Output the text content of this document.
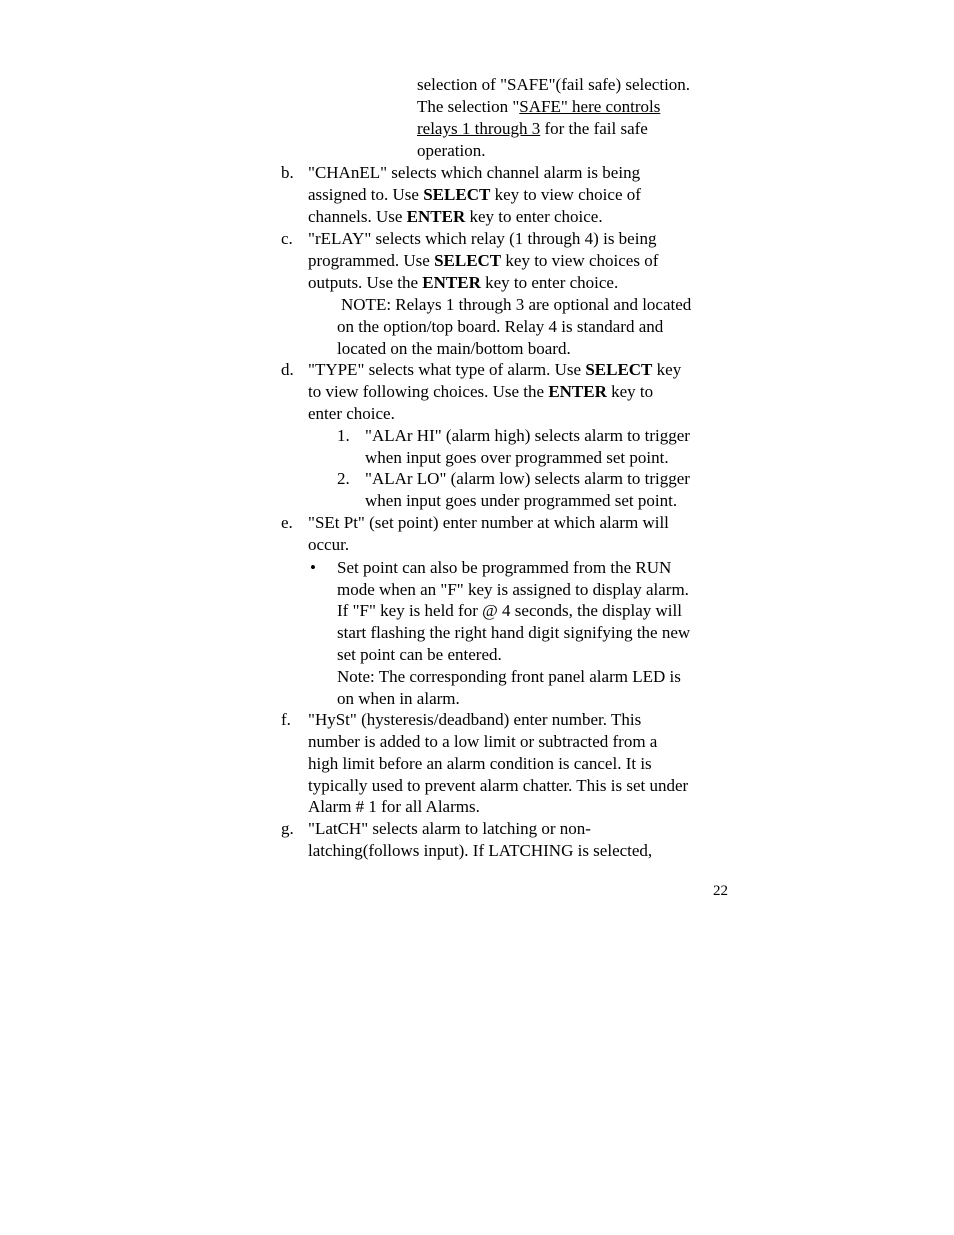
selection of "SAFE"(fail safe) selection.
The selection "SAFE" here controls
relays 1 through 3 for the fail safe
operation.
b. "CHAnEL" selects which channel alarm is being
assigned to. Use SELECT key to view choice of
channels. Use ENTER key to enter choice.
c. "rELAY" selects which relay (1 through 4) is being
programmed. Use SELECT key to view choices of
outputs. Use the ENTER key to enter choice.
NOTE: Relays 1 through 3 are optional and located
on the option/top board. Relay 4 is standard and
located on the main/bottom board.
d. "TYPE" selects what type of alarm. Use SELECT key
to view following choices. Use the ENTER key to
enter choice.
1. "ALAr HI" (alarm high) selects alarm to trigger
when input goes over programmed set point.
2. "ALAr LO" (alarm low) selects alarm to trigger
when input goes under programmed set point.
e. "SEt Pt" (set point) enter number at which alarm will
occur.
• Set point can also be programmed from the RUN
mode when an "F" key is assigned to display alarm.
If "F" key is held for @ 4 seconds, the display will
start flashing the right hand digit signifying the new
set point can be entered.
Note: The corresponding front panel alarm LED is
on when in alarm.
f. "HySt" (hysteresis/deadband) enter number. This
number is added to a low limit or subtracted from a
high limit before an alarm condition is cancel. It is
typically used to prevent alarm chatter. This is set under
Alarm # 1 for all Alarms.
g. "LatCH" selects alarm to latching or non-
latching(follows input). If LATCHING is selected,
22
